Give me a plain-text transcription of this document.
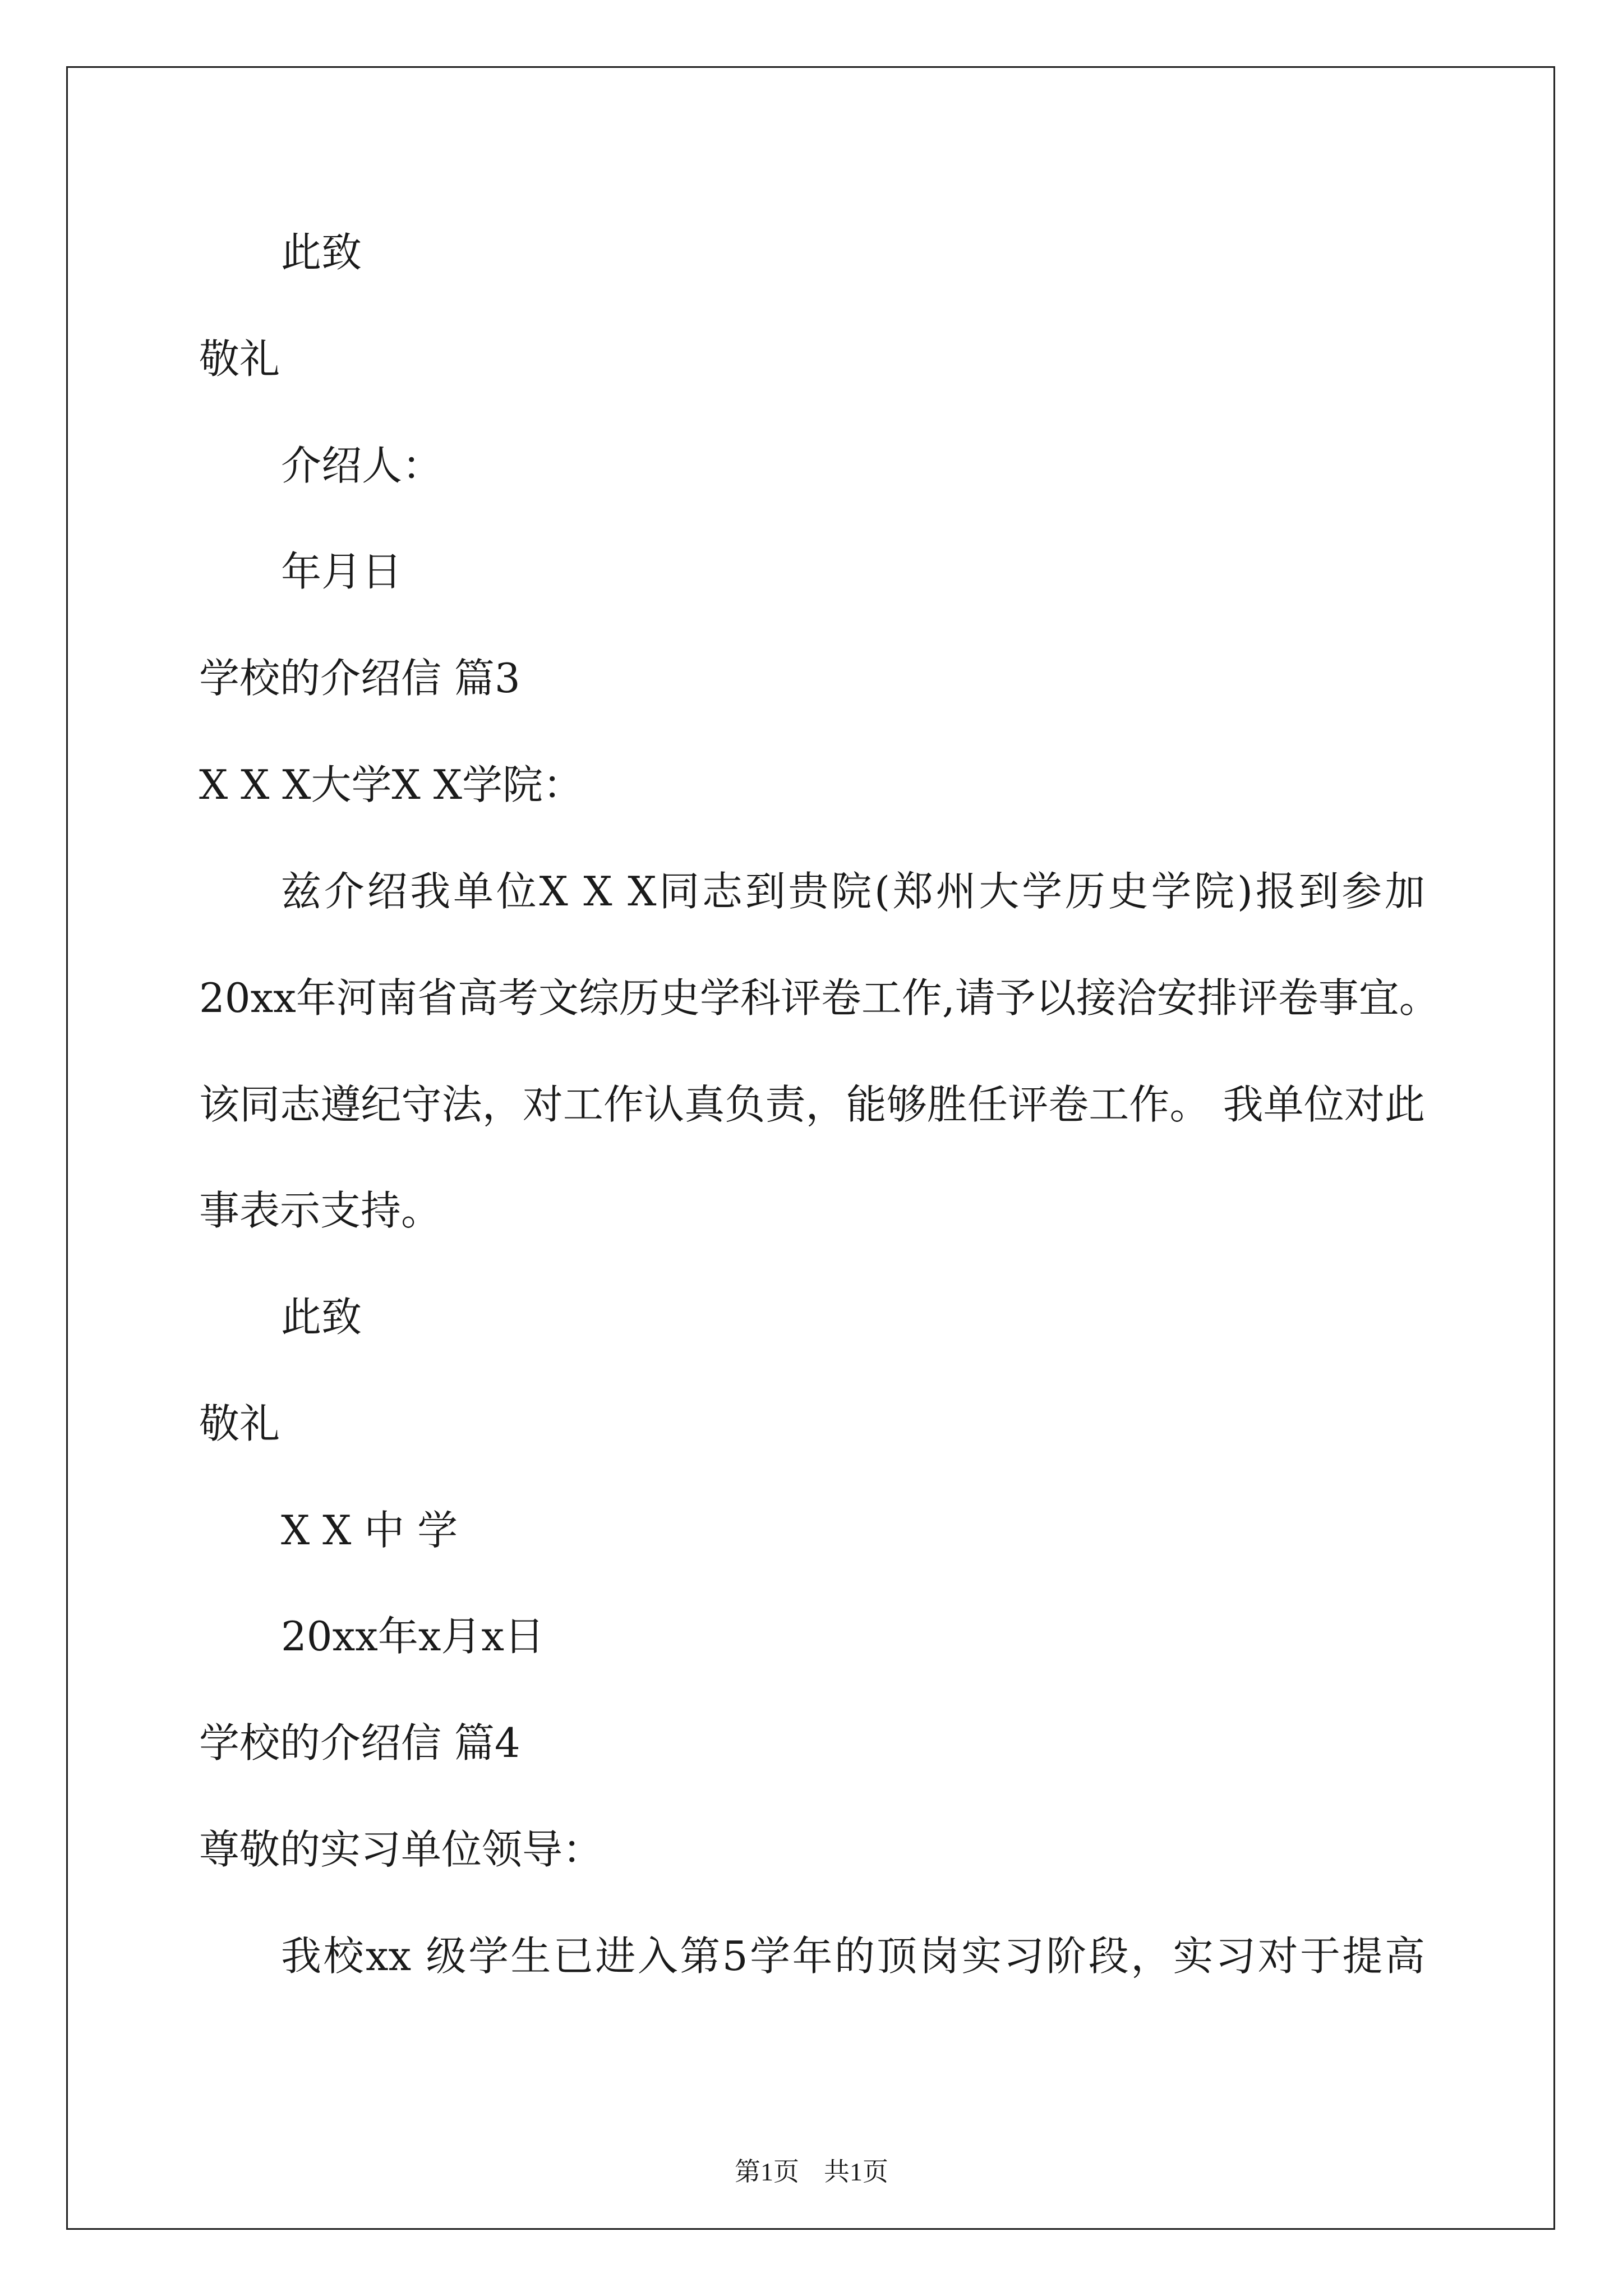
此致
敬礼
介绍人：
年月日
学校的介绍信 篇3
X X X大学X X学院：
兹介绍我单位X X X同志到贵院(郑州大学历史学院)报到参加
20xx年河南省高考文综历史学科评卷工作,请予以接洽安排评卷事宜。
该同志遵纪守法，对工作认真负责，能够胜任评卷工作。 我单位对此
事表示支持。
此致
敬礼
X X 中 学
20xx年x月x日
学校的介绍信 篇4
尊敬的实习单位领导：
我校xx 级学生已进入第5学年的顶岗实习阶段，实习对于提高
第1页 共1页
